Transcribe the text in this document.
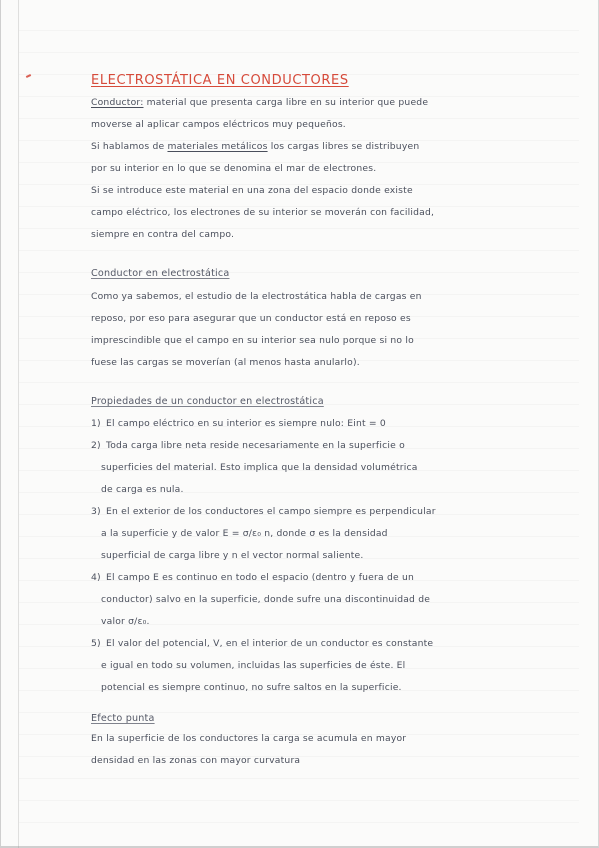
ELECTROSTÁTICA EN CONDUCTORES

Conductor: material que presenta carga libre en su interior que puede

moverse al aplicar campos eléctricos muy pequeños.

Si hablamos de materiales metálicos los cargas libres se distribuyen

por su interior en lo que se denomina el mar de electrones.

Si se introduce este material en una zona del espacio donde existe

campo eléctrico, los electrones de su interior se moverán con facilidad,

siempre en contra del campo.

Conductor en electrostática

Como ya sabemos, el estudio de la electrostática habla de cargas en

reposo, por eso para asegurar que un conductor está en reposo es

imprescindible que el campo en su interior sea nulo porque si no lo

fuese las cargas se moverían (al menos hasta anularlo).

Propiedades de un conductor en electrostática
1) El campo eléctrico en su interior es siempre nulo: Eint = 0
2) Toda carga libre neta reside necesariamente en la superficie o
superficies del material. Esto implica que la densidad volumétrica
de carga es nula.
3) En el exterior de los conductores el campo siempre es perpendicular
a la superficie y de valor E = σ/ε₀ n, donde σ es la densidad
superficial de carga libre y n el vector normal saliente.
4) El campo E es continuo en todo el espacio (dentro y fuera de un
conductor) salvo en la superficie, donde sufre una discontinuidad de
valor σ/ε₀.
5) El valor del potencial, V, en el interior de un conductor es constante
e igual en todo su volumen, incluidas las superficies de éste. El
potencial es siempre continuo, no sufre saltos en la superficie.
Efecto punta

En la superficie de los conductores la carga se acumula en mayor

densidad en las zonas con mayor curvatura
